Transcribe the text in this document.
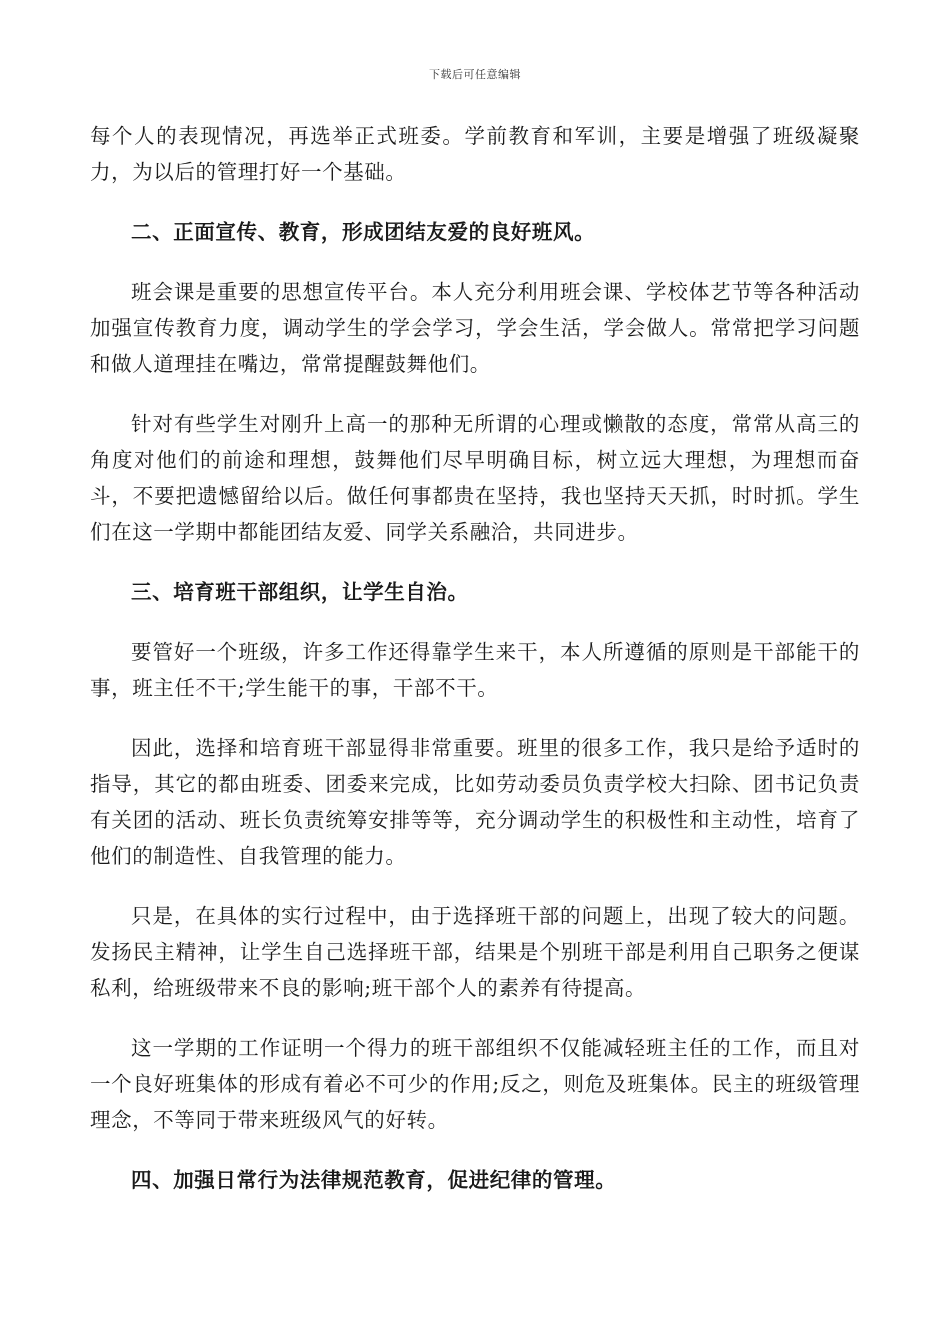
下载后可任意编辑

每个人的表现情况，再选举正式班委。学前教育和军训，主要是增强了班级凝聚力，为以后的管理打好一个基础。

二、正面宣传、教育，形成团结友爱的良好班风。

班会课是重要的思想宣传平台。本人充分利用班会课、学校体艺节等各种活动加强宣传教育力度，调动学生的学会学习，学会生活，学会做人。常常把学习问题和做人道理挂在嘴边，常常提醒鼓舞他们。

针对有些学生对刚升上高一的那种无所谓的心理或懒散的态度，常常从高三的角度对他们的前途和理想，鼓舞他们尽早明确目标，树立远大理想，为理想而奋斗，不要把遗憾留给以后。做任何事都贵在坚持，我也坚持天天抓，时时抓。学生们在这一学期中都能团结友爱、同学关系融洽，共同进步。

三、培育班干部组织，让学生自治。

要管好一个班级，许多工作还得靠学生来干，本人所遵循的原则是干部能干的事，班主任不干;学生能干的事，干部不干。

因此，选择和培育班干部显得非常重要。班里的很多工作，我只是给予适时的指导，其它的都由班委、团委来完成，比如劳动委员负责学校大扫除、团书记负责有关团的活动、班长负责统筹安排等等，充分调动学生的积极性和主动性，培育了他们的制造性、自我管理的能力。

只是，在具体的实行过程中，由于选择班干部的问题上，出现了较大的问题。发扬民主精神，让学生自己选择班干部，结果是个别班干部是利用自己职务之便谋私利，给班级带来不良的影响;班干部个人的素养有待提高。

这一学期的工作证明一个得力的班干部组织不仅能减轻班主任的工作，而且对一个良好班集体的形成有着必不可少的作用;反之，则危及班集体。民主的班级管理理念，不等同于带来班级风气的好转。

四、加强日常行为法律规范教育，促进纪律的管理。
